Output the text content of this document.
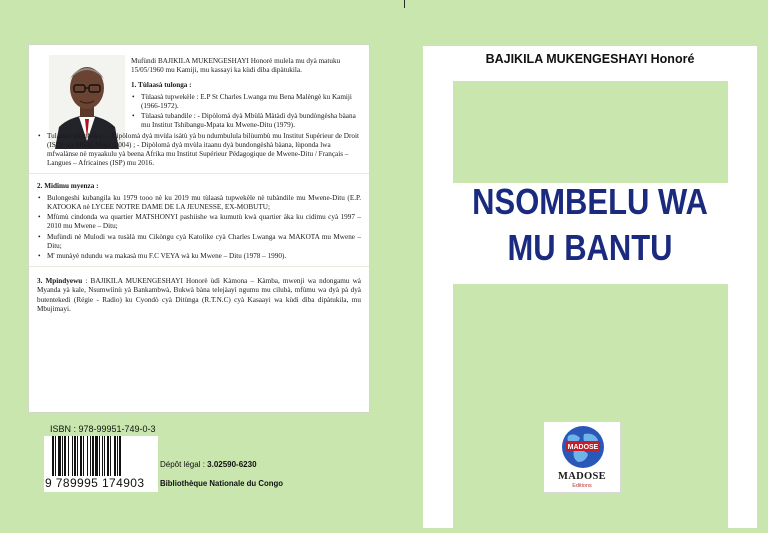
Mufùndi BAJIKILA MUKENGESHAYI Honorè mulela mu dyà matuku 15/05/1960 mu Kamiji, mu kassayi ka kùdi dìba dipàtukila.

1. Tùlaasà tulonga :
• Tùlaasà tupwekèle : E.P St Charles Lwanga mu Bena Malèngè ku Kamiji (1966-1972).
• Tùlaasà tubandile : - Dipòlomà dyà Mbùlà Màtàdì dyà bundòngèsha bàana mu Institut Tshibangu-Mpata ku Mwene-Ditu (1979).
• Tulaasà tutùmbùke : - Dipòlomà dyà mvùla isàtù yà bu ndumbulula bilùumbù mu Institut Supérieur de Droit (ISD) wa Mbuji-Mayi (2004) ; - Dipòlomà dyà mvùla itaanu dyà bundongèshà bàana, lùponda lwa mfwalànse nè myaakulu yà beena Afrika mu Institut Supérieur Pédagogique de Mwene-Ditu / Français – Langues – Africaines (ISP) mu 2016.
2. Midimu myenza :
• Bulongeshi kubangila ku 1979 tooo nè ku 2019 mu tùlaasà tupwekèle nè tubàndile mu Mwene-Ditu (E.P. KATOOKA nè LYCEE NOTRE DAME DE LA JEUNESSE, EX-MOBUTU;
• Mfùmù cindonda wa quartier MATSHONYI pashiishe wa kumutù kwà quartier àka ku cidimu cyà 1997 – 2010 mu Mwene – Ditu;
• Mufùndi nè Mulodi wa tusàlà mu Cikòngu cyà Katolike cyà Charles Lwanga wa MAKOTA mu Mwene – Ditu;
• M' munàyè ndundu wa makasà mu F.C VEYA wà ku Mwene – Ditu (1978 – 1990).
3. Mpindyewu : BAJIKILA MUKENGESHAYI Honorè ùdì Kàmona – Kàmba, mwenji wa ndongamu wà Myanda yà kale, Nsumwiìnù yà Bankambwà, Bukwà bàna telejàayì ngumu mu cilubà, mfùmu wa dyà pà dyà butentekedi (Régie - Radio) ku Cyondò cyà Ditùnga (R.T.N.C) cyà Kasaayi wa kùdi dìba dipàtukila, mu Mbujimayi.
ISBN : 978-99951-749-0-3
9 789995 174903
Dépôt légal : 3.02590-6230
Bibliothèque Nationale du Congo
BAJIKILA MUKENGESHAYI Honoré
NSOMBELU WA
MU BANTU
MADOSE
MADOSE
Editions
